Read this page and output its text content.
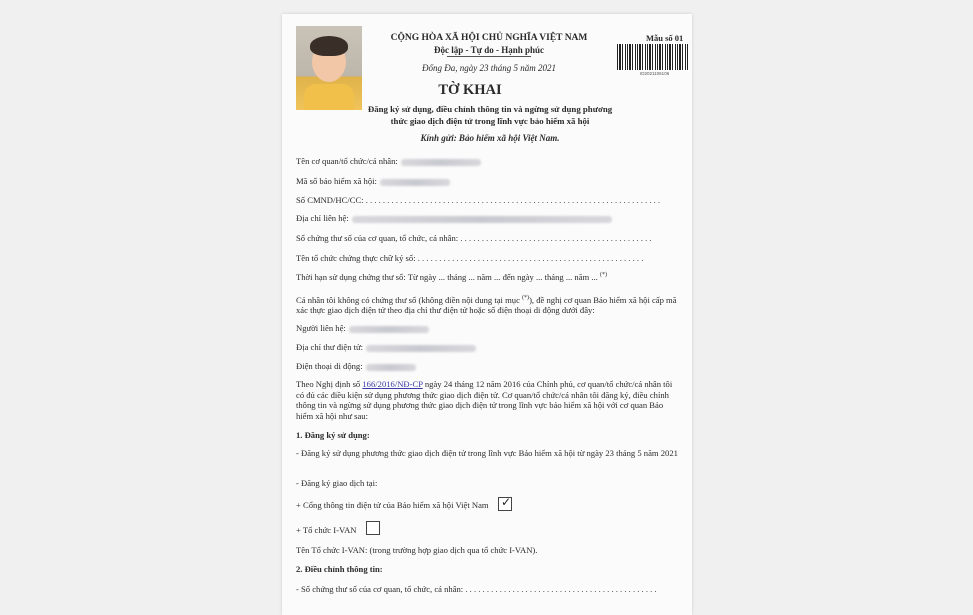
CỘNG HÒA XÃ HỘI CHỦ NGHĨA VIỆT NAM
Độc lập - Tự do - Hạnh phúc
Đống Đa, ngày 23 tháng 5 năm 2021
Mẫu số 01
ID2021106106
TỜ KHAI
Đăng ký sử dụng, điều chỉnh thông tin và ngừng sử dụng phương
thức giao dịch điện tử trong lĩnh vực bảo hiểm xã hội
Kính gửi: Bảo hiểm xã hội Việt Nam.
Tên cơ quan/tổ chức/cá nhân:
Mã số bảo hiểm xã hội:
Số CMND/HC/CC: . . . . . . . . . . . . . . . . . . . . . . . . . . . . . . . . . . . . . . . . . . . . . . . . . . . . . . . . . . . . . . . . . . . . .
Địa chỉ liên hệ:
Số chứng thư số của cơ quan, tổ chức, cá nhân: . . . . . . . . . . . . . . . . . . . . . . . . . . . . . . . . . . . . . . . . . . . . .
Tên tổ chức chứng thực chữ ký số: . . . . . . . . . . . . . . . . . . . . . . . . . . . . . . . . . . . . . . . . . . . . . . . . . . . . .
Thời hạn sử dụng chứng thư số: Từ ngày ... tháng ... năm ... đến ngày ... tháng ... năm ... (*)
Cá nhân tôi không có chứng thư số (không điền nội dung tại mục (*)), đề nghị cơ quan Bảo hiểm xã hội cấp mã xác thực giao dịch điện tử theo địa chỉ thư điện tử hoặc số điện thoại di động dưới đây:
Người liên hệ:
Địa chỉ thư điện tử:
Điện thoại di động:
Theo Nghị định số 166/2016/NĐ-CP ngày 24 tháng 12 năm 2016 của Chính phủ, cơ quan/tổ chức/cá nhân tôi có đủ các điều kiện sử dụng phương thức giao dịch điện tử. Cơ quan/tổ chức/cá nhân tôi đăng ký, điều chỉnh thông tin và ngừng sử dụng phương thức giao dịch điện tử trong lĩnh vực bảo hiểm xã hội với cơ quan Bảo hiểm xã hội như sau:
1. Đăng ký sử dụng:
- Đăng ký sử dụng phương thức giao dịch điện tử trong lĩnh vực Bảo hiểm xã hội từ ngày 23 tháng 5 năm 2021
- Đăng ký giao dịch tại:
+ Cổng thông tin điện tử của Bảo hiểm xã hội Việt Nam ✓
+ Tổ chức I-VAN
Tên Tổ chức I-VAN: (trong trường hợp giao dịch qua tổ chức I-VAN).
2. Điều chỉnh thông tin:
- Số chứng thư số của cơ quan, tổ chức, cá nhân: . . . . . . . . . . . . . . . . . . . . . . . . . . . . . . . . . . . . . . . . . . . . .
